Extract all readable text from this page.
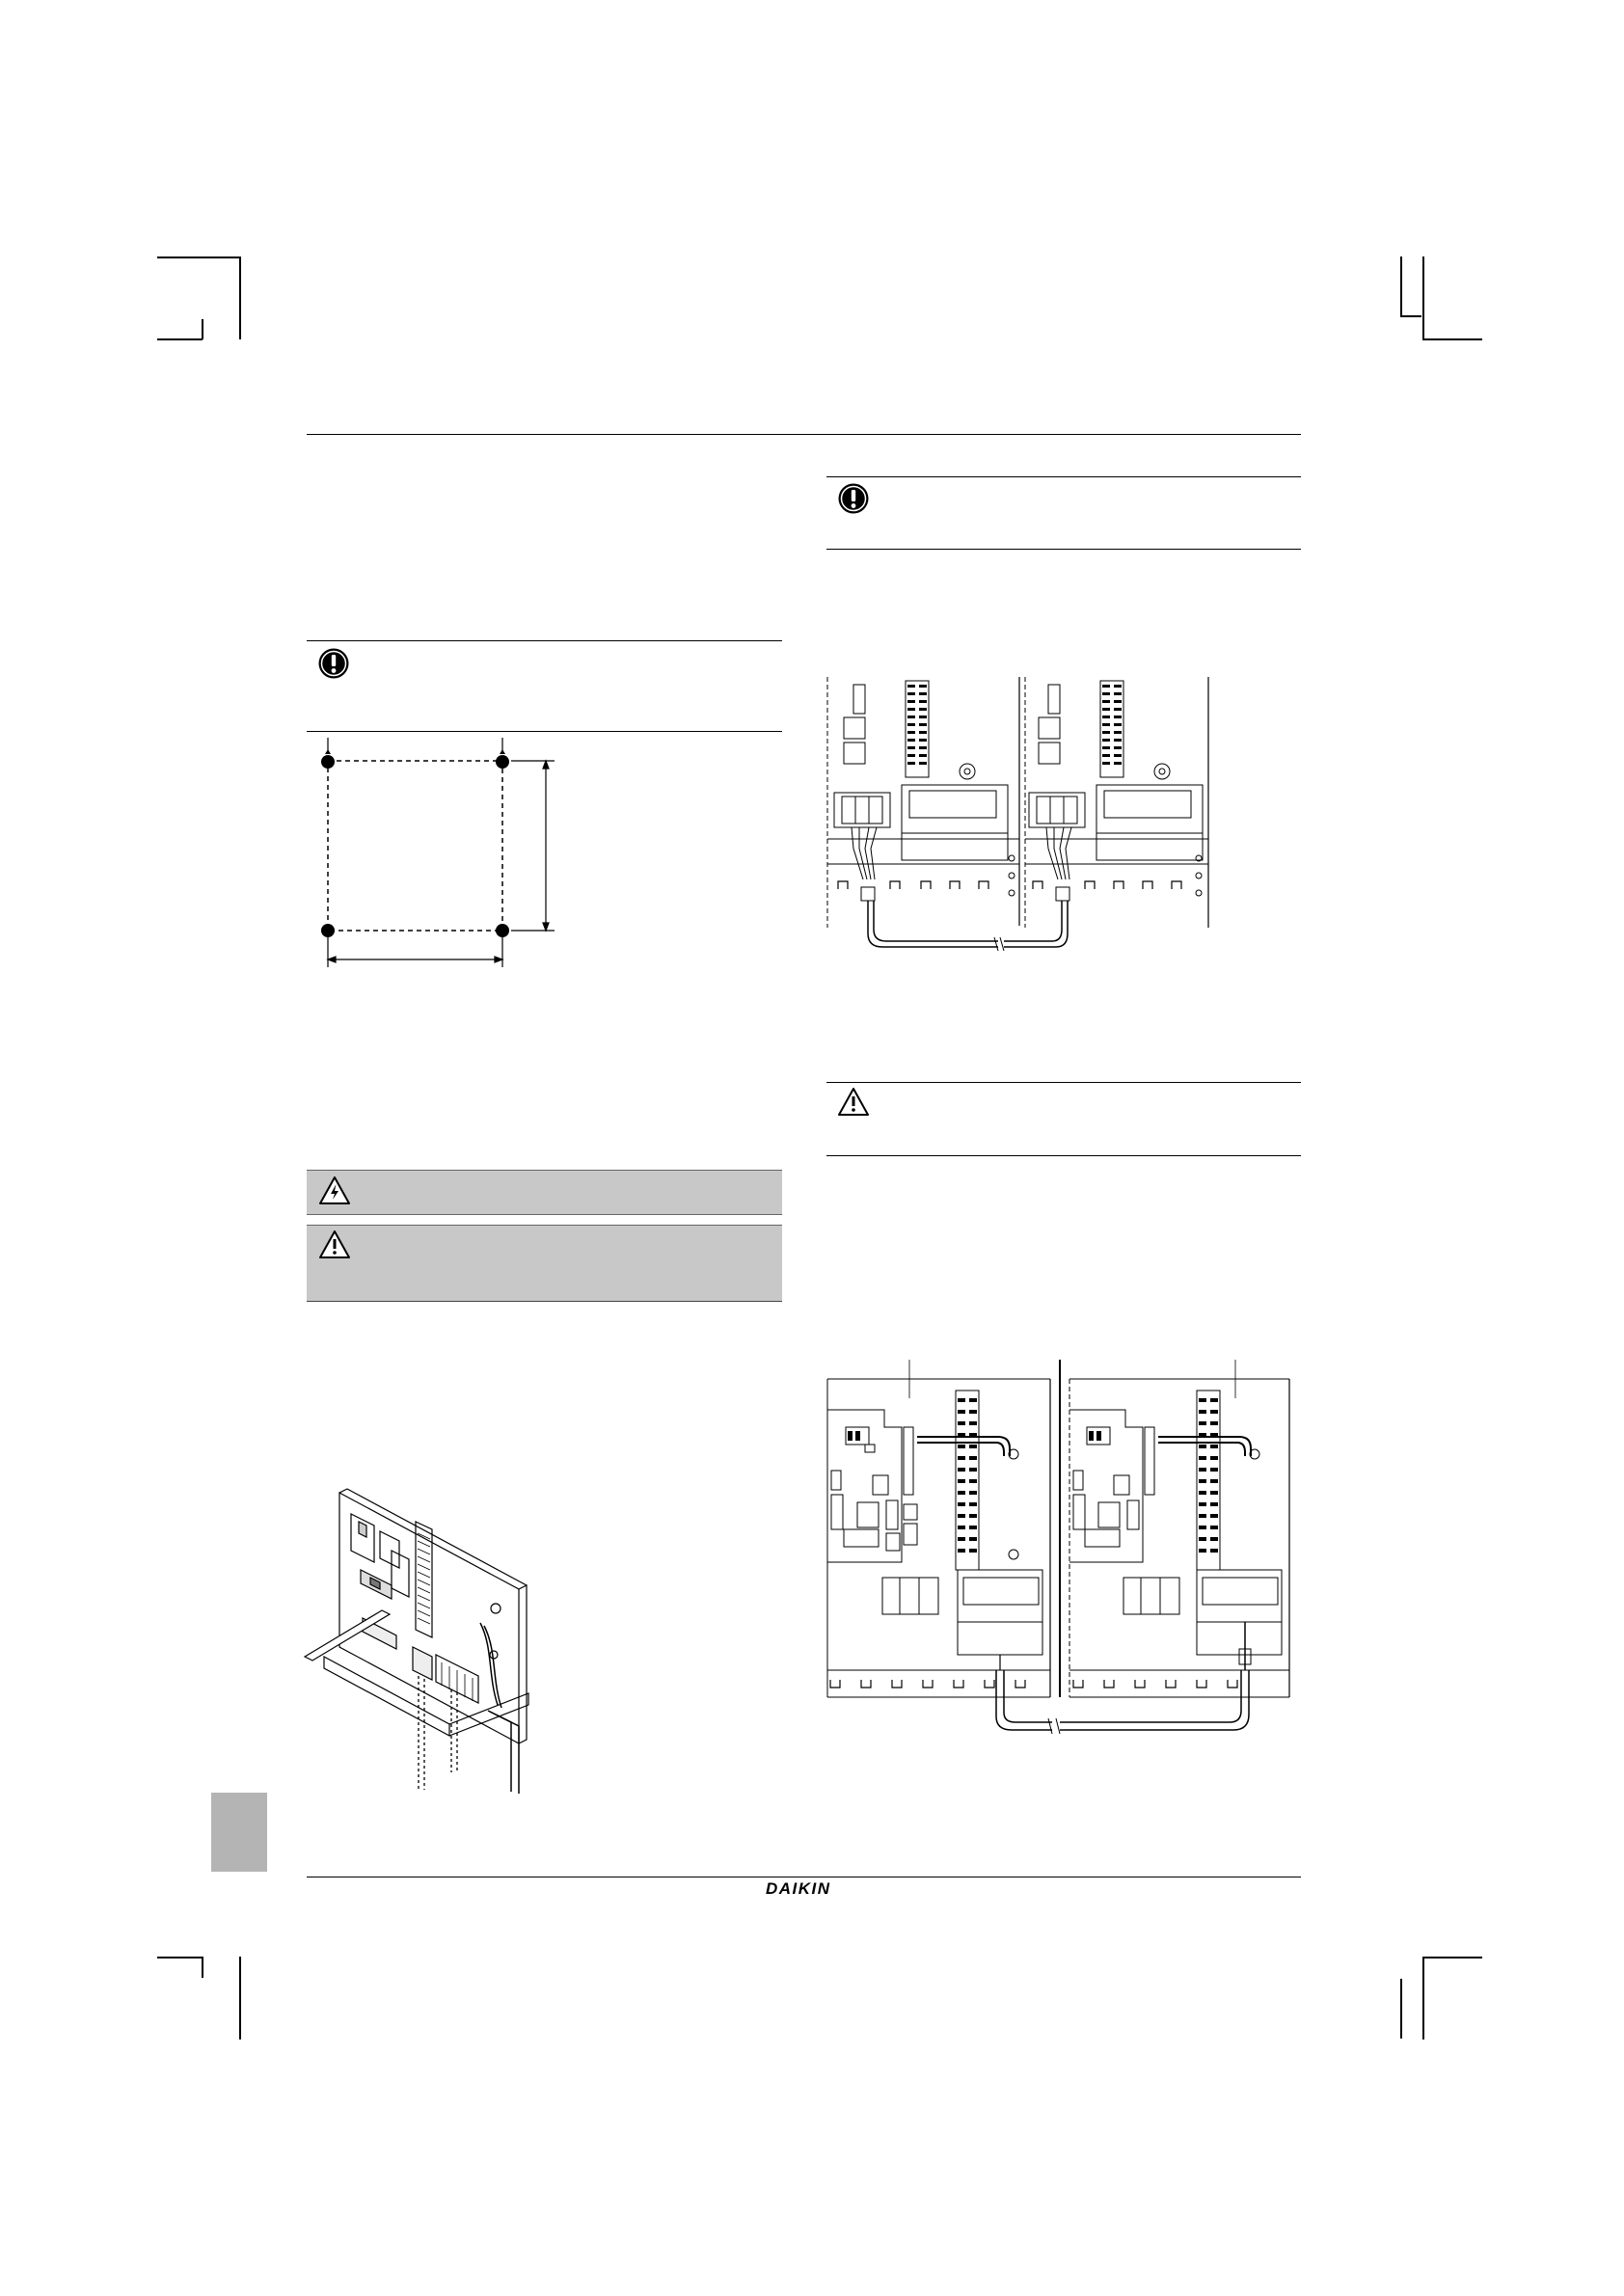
DAIKIN
